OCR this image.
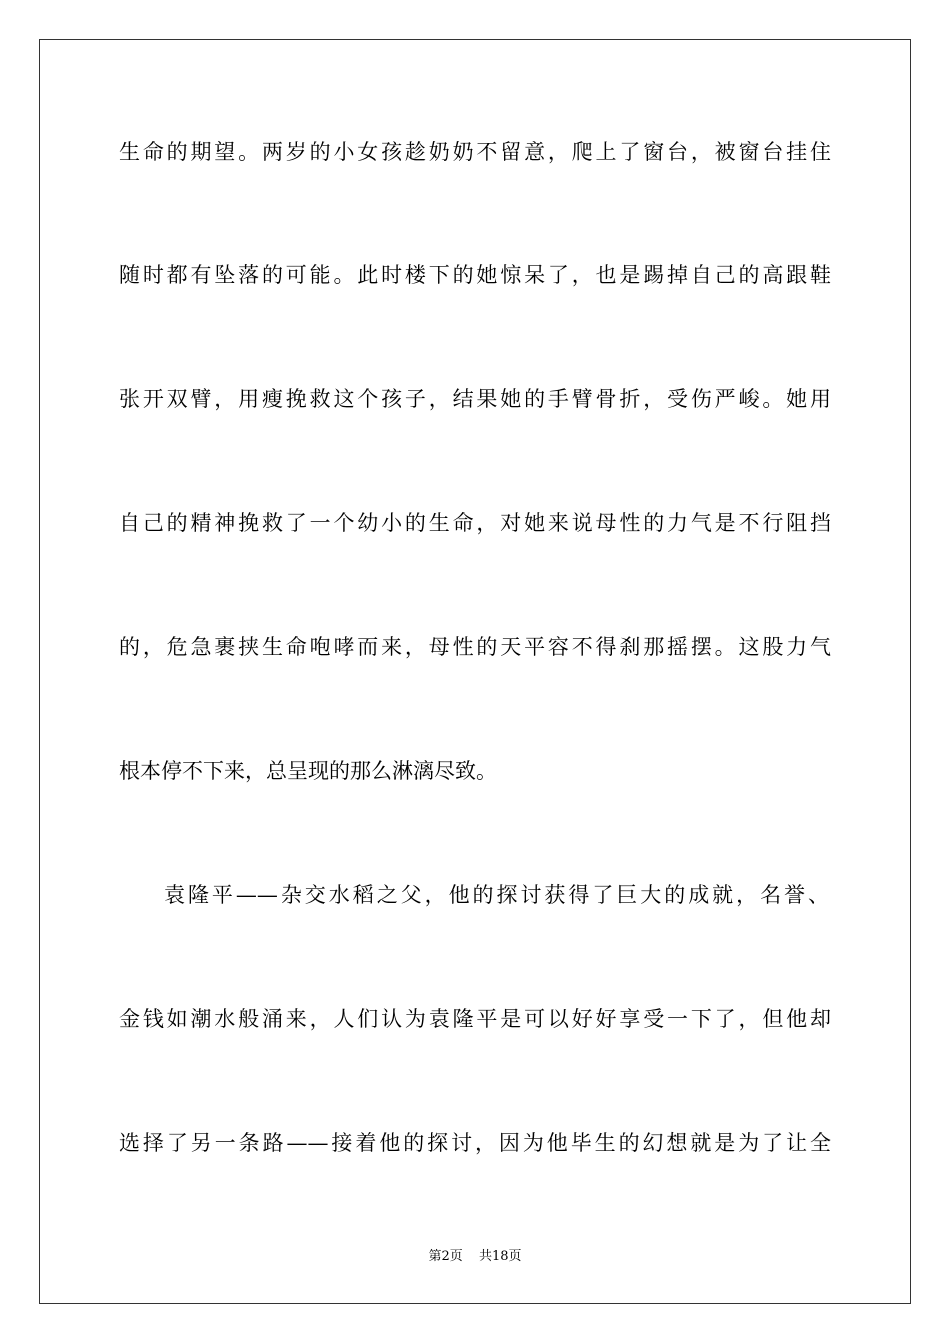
生命的期望。两岁的小女孩趁奶奶不留意，爬上了窗台，被窗台挂住
随时都有坠落的可能。此时楼下的她惊呆了，也是踢掉自己的高跟鞋
张开双臂，用瘦挽救这个孩子，结果她的手臂骨折，受伤严峻。她用
自己的精神挽救了一个幼小的生命，对她来说母性的力气是不行阻挡
的，危急裹挟生命咆哮而来，母性的天平容不得刹那摇摆。这股力气
根本停不下来，总呈现的那么淋漓尽致。
袁隆平——杂交水稻之父，他的探讨获得了巨大的成就，名誉、
金钱如潮水般涌来，人们认为袁隆平是可以好好享受一下了，但他却
选择了另一条路——接着他的探讨，因为他毕生的幻想就是为了让全
第2页 共18页
